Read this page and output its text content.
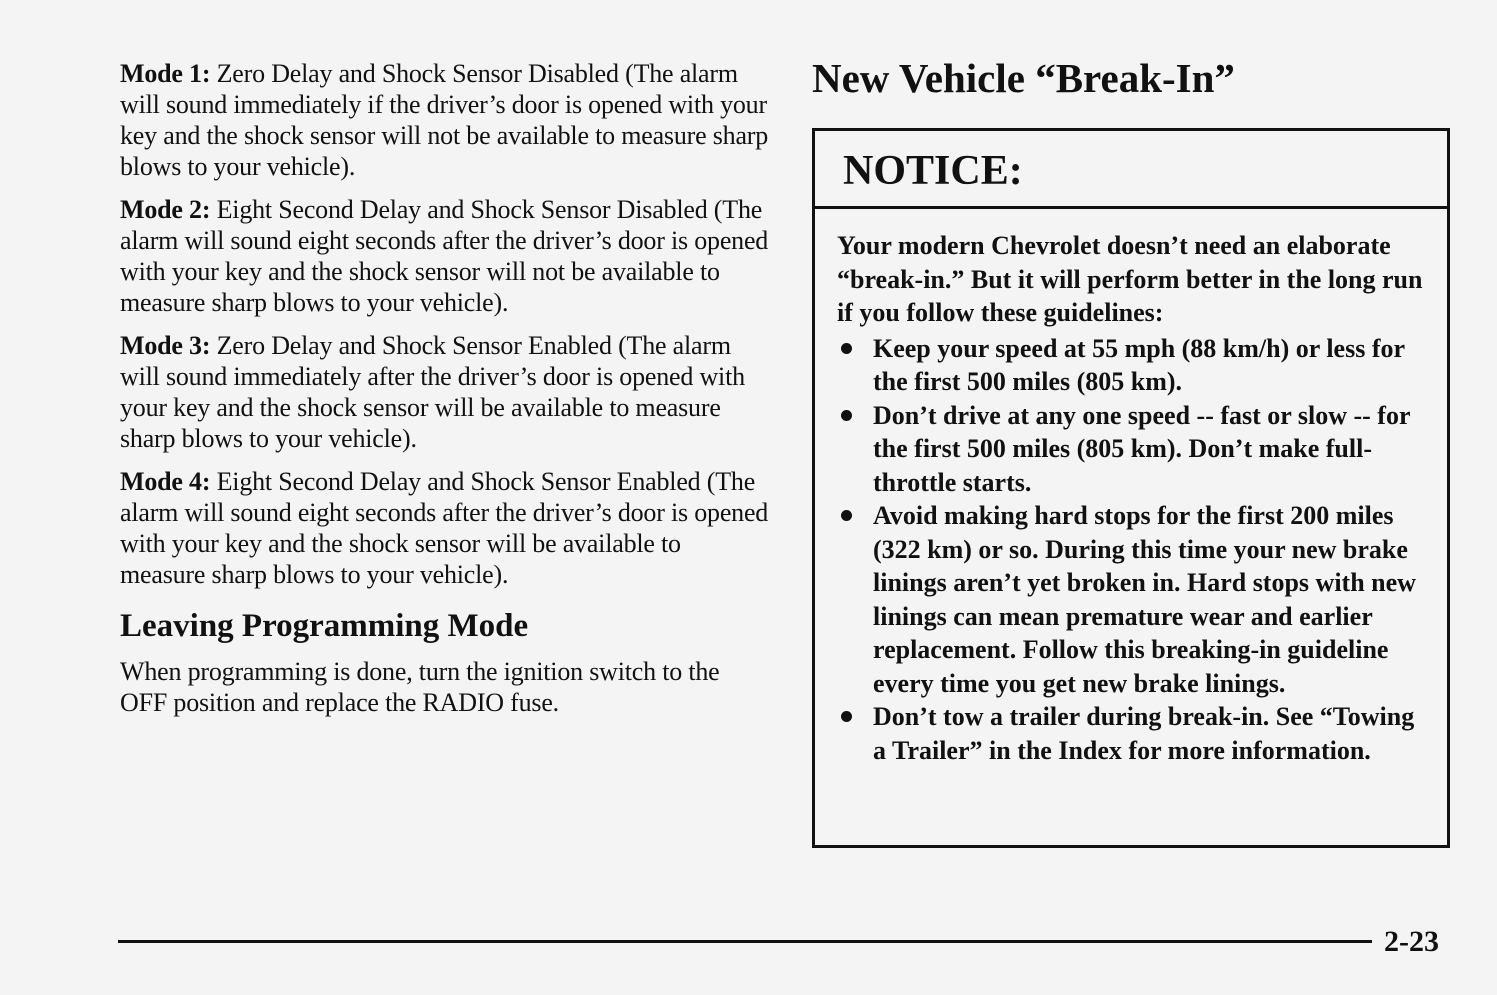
Mode 1: Zero Delay and Shock Sensor Disabled (The alarm will sound immediately if the driver’s door is opened with your key and the shock sensor will not be available to measure sharp blows to your vehicle).

Mode 2: Eight Second Delay and Shock Sensor Disabled (The alarm will sound eight seconds after the driver’s door is opened with your key and the shock sensor will not be available to measure sharp blows to your vehicle).

Mode 3: Zero Delay and Shock Sensor Enabled (The alarm will sound immediately after the driver’s door is opened with your key and the shock sensor will be available to measure sharp blows to your vehicle).

Mode 4: Eight Second Delay and Shock Sensor Enabled (The alarm will sound eight seconds after the driver’s door is opened with your key and the shock sensor will be available to measure sharp blows to your vehicle).

Leaving Programming Mode

When programming is done, turn the ignition switch to the OFF position and replace the RADIO fuse.

New Vehicle “Break-In”
NOTICE:

Your modern Chevrolet doesn’t need an elaborate “break-in.” But it will perform better in the long run if you follow these guidelines:

Keep your speed at 55 mph (88 km/h) or less for the first 500 miles (805 km).
Don’t drive at any one speed -- fast or slow -- for the first 500 miles (805 km). Don’t make full-throttle starts.
Avoid making hard stops for the first 200 miles (322 km) or so. During this time your new brake linings aren’t yet broken in. Hard stops with new linings can mean premature wear and earlier replacement. Follow this breaking-in guideline every time you get new brake linings.
Don’t tow a trailer during break-in. See “Towing a Trailer” in the Index for more information.
2-23
